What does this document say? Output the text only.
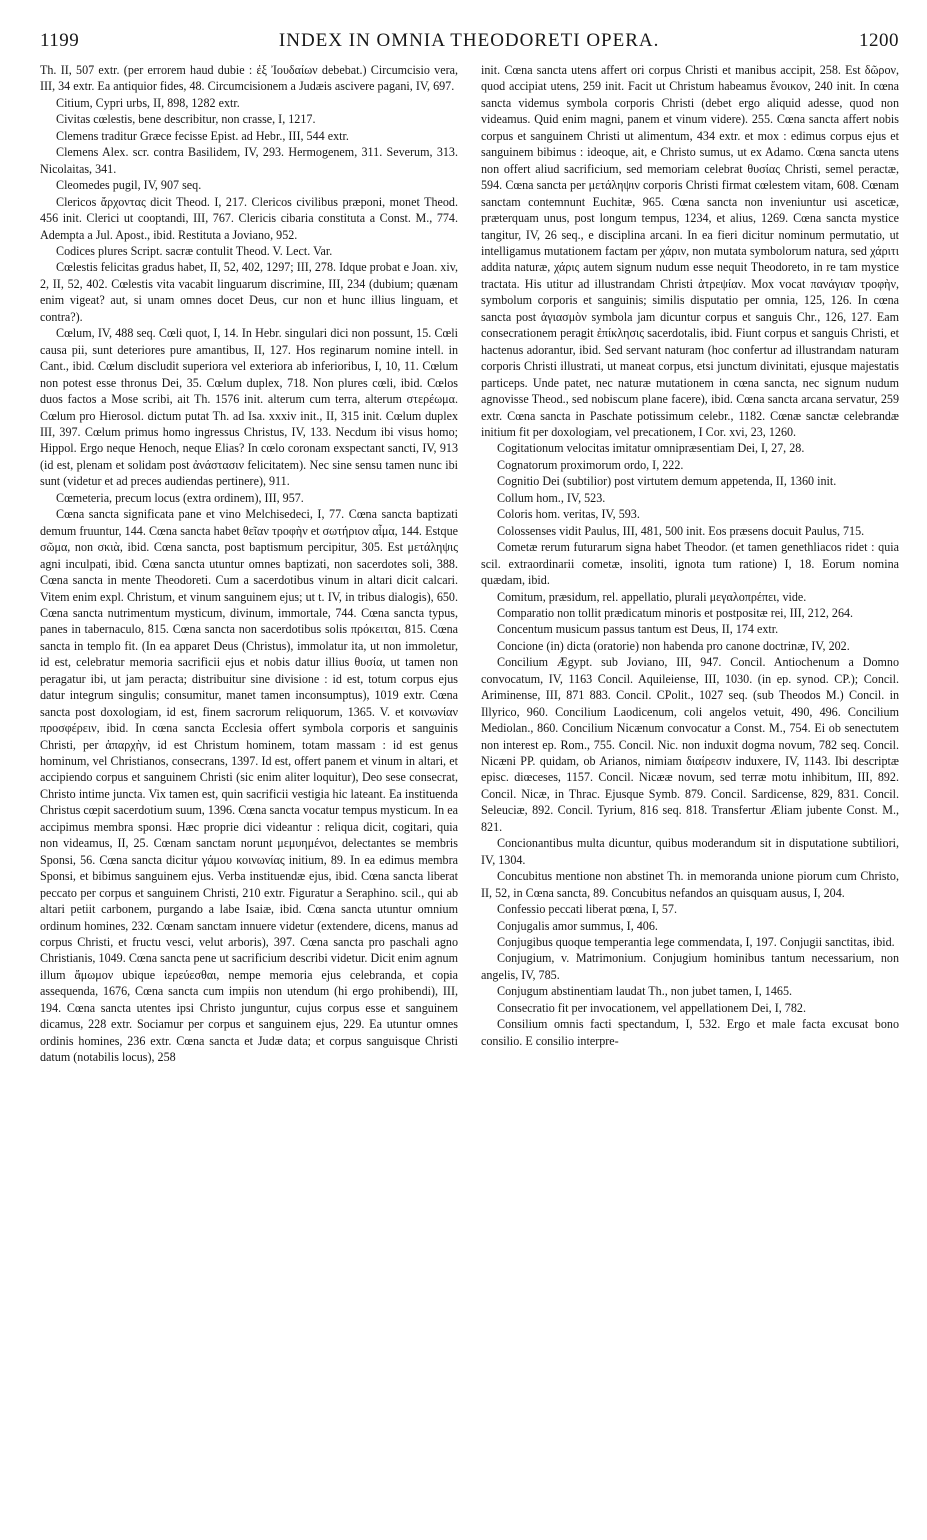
1199	INDEX IN OMNIA THEODORETI OPERA.	1200

Th. II, 507 extr. (per errorem haud dubie : ἐξ Ἰουδαίων debebat.) Circumcisio vera, III, 34 extr. Ea antiquior fides, 48. Circumcisionem a Judæis ascivere pagani, IV, 697.

Citium, Cypri urbs, II, 898, 1282 extr.

Civitas cœlestis, bene describitur, non crasse, I, 1217.

Clemens traditur Græce fecisse Epist. ad Hebr., III, 544 extr.

Clemens Alex. scr. contra Basilidem, IV, 293. Hermogenem, 311. Severum, 313. Nicolaitas, 341.

Cleomedes pugil, IV, 907 seq.

Clericos ἄρχοντας dicit Theod. I, 217. Clericos civilibus præponi, monet Theod. 456 init. Clerici ut cooptandi, III, 767. Clericis cibaria constituta a Const. M., 774. Adempta a Jul. Apost., ibid. Restituta a Joviano, 952.

Codices plures Script. sacræ contulit Theod. V. Lect. Var.

Cœlestis felicitas gradus habet, II, 52, 402, 1297; III, 278. Idque probat e Joan. xiv, 2, II, 52, 402. Cœlestis vita vacabit linguarum discrimine, III, 234 (dubium; quænam enim vigeat? aut, si unam omnes docet Deus, cur non et hunc illius linguam, et contra?).

Cœlum, IV, 488 seq. Cœli quot, I, 14. In Hebr. singulari dici non possunt, 15. Cœli causa pii, sunt deteriores pure amantibus, II, 127. Hos reginarum nomine intell. in Cant., ibid. Cœlum discludit superiora vel exteriora ab inferioribus, I, 10, 11. Cœlum non potest esse thronus Dei, 35. Cœlum duplex, 718. Non plures cœli, ibid. Cœlos duos factos a Mose scribi, ait Th. 1576 init. alterum cum terra, alterum στερέωμα. Cœlum pro Hierosol. dictum putat Th. ad Isa. xxxiv init., II, 315 init. Cœlum duplex III, 397. Cœlum primus homo ingressus Christus, IV, 133. Necdum ibi visus homo; Hippol. Ergo neque Henoch, neque Elias? In cœlo coronam exspectant sancti, IV, 913 (id est, plenam et solidam post ἀνάστασιν felicitatem). Nec sine sensu tamen nunc ibi sunt (videtur et ad preces audiendas pertinere), 911.

Cœmeteria, precum locus (extra ordinem), III, 957.

Cœna sancta significata pane et vino Melchisedeci, I, 77. Cœna sancta baptizati demum fruuntur, 144. Cœna sancta habet θεῖαν τροφὴν et σωτήριον αἷμα, 144. Estque σῶμα, non σκιὰ, ibid. Cœna sancta, post baptismum percipitur, 305. Est μετάληψις agni inculpati, ibid. Cœna sancta utuntur omnes baptizati, non sacerdotes soli, 388. Cœna sancta in mente Theodoreti. Cum a sacerdotibus vinum in altari dicit calcari. Vitem enim expl. Christum, et vinum sanguinem ejus; ut t. IV, in tribus dialogis), 650. Cœna sancta nutrimentum mysticum, divinum, immortale, 744. Cœna sancta typus, panes in tabernaculo, 815. Cœna sancta non sacerdotibus solis πρόκειται, 815. Cœna sancta in templo fit. (In ea apparet Deus (Christus), immolatur ita, ut non immoletur, id est, celebratur memoria sacrificii ejus et nobis datur illius θυσία, ut tamen non peragatur ibi, ut jam peracta; distribuitur sine divisione : id est, totum corpus ejus datur integrum singulis; consumitur, manet tamen inconsumptus), 1019 extr. Cœna sancta post doxologiam, id est, finem sacrorum reliquorum, 1365. V. et κοινωνίαν προσφέρειν, ibid. In cœna sancta Ecclesia offert symbola corporis et sanguinis Christi, per ἀπαρχὴν, id est Christum hominem, totam massam : id est genus hominum, vel Christianos, consecrans, 1397. Id est, offert panem et vinum in altari, et accipiendo corpus et sanguinem Christi (sic enim aliter loquitur), Deo sese consecrat, Christo intime juncta. Vix tamen est, quin sacrificii vestigia hic lateant. Ea instituenda Christus cœpit sacerdotium suum, 1396. Cœna sancta vocatur tempus mysticum. In ea accipimus membra sponsi. Hæc proprie dici videantur : reliqua dicit, cogitari, quia non videamus, II, 25. Cœnam sanctam norunt μεμυημένοι, delectantes se membris Sponsi, 56. Cœna sancta dicitur γάμου κοινωνίας initium, 89. In ea edimus membra Sponsi, et bibimus sanguinem ejus. Verba instituendæ ejus, ibid. Cœna sancta liberat peccato per corpus et sanguinem Christi, 210 extr. Figuratur a Seraphino. scil., qui ab altari petiit carbonem, purgando a labe Isaiæ, ibid. Cœna sancta utuntur omnium ordinum homines, 232. Cœnam sanctam innuere videtur (extendere, dicens, manus ad corpus Christi, et fructu vesci, velut arboris), 397. Cœna sancta pro paschali agno Christianis, 1049. Cœna sancta pene ut sacrificium describi videtur. Dicit enim agnum illum ἄμωμον ubique ἱερεύεσθαι, nempe memoria ejus celebranda, et copia assequenda, 1676, Cœna sancta cum impiis non utendum (hi ergo prohibendi), III, 194. Cœna sancta utentes ipsi Christo junguntur, cujus corpus esse et sanguinem dicamus, 228 extr. Sociamur per corpus et sanguinem ejus, 229. Ea utuntur omnes ordinis homines, 236 extr. Cœna sancta et Judæ data; et corpus sanguisque Christi datum (notabilis locus), 258

init. Cœna sancta utens affert ori corpus Christi et manibus accipit, 258. Est δῶρον, quod accipiat utens, 259 init. Facit ut Christum habeamus ἔνοικον, 240 init. In cœna sancta videmus symbola corporis Christi (debet ergo aliquid adesse, quod non videamus. Quid enim magni, panem et vinum videre). 255. Cœna sancta affert nobis corpus et sanguinem Christi ut alimentum, 434 extr. et mox : edimus corpus ejus et sanguinem bibimus : ideoque, ait, e Christo sumus, ut ex Adamo. Cœna sancta utens non offert aliud sacrificium, sed memoriam celebrat θυσίας Christi, semel peractæ, 594. Cœna sancta per μετάληψιν corporis Christi firmat cœlestem vitam, 608. Cœnam sanctam contemnunt Euchitæ, 965. Cœna sancta non inveniuntur usi asceticæ, præterquam unus, post longum tempus, 1234, et alius, 1269. Cœna sancta mystice tangitur, IV, 26 seq., e disciplina arcani. In ea fieri dicitur nominum permutatio, ut intelligamus mutationem factam per χάριν, non mutata symbolorum natura, sed χάριτι addita naturæ, χάρις autem signum nudum esse nequit Theodoreto, in re tam mystice tractata. His utitur ad illustrandam Christi ἀτρεψίαν. Mox vocat πανάγιαν τροφὴν, symbolum corporis et sanguinis; similis disputatio per omnia, 125, 126. In cœna sancta post ἁγιασμὸν symbola jam dicuntur corpus et sanguis Chr., 126, 127. Eam consecrationem peragit ἐπίκλησις sacerdotalis, ibid. Fiunt corpus et sanguis Christi, et hactenus adorantur, ibid. Sed servant naturam (hoc confertur ad illustrandam naturam corporis Christi illustrati, ut maneat corpus, etsi junctum divinitati, ejusque majestatis particeps. Unde patet, nec naturæ mutationem in cœna sancta, nec signum nudum agnovisse Theod., sed nobiscum plane facere), ibid. Cœna sancta arcana servatur, 259 extr. Cœna sancta in Paschate potissimum celebr., 1182. Cœnæ sanctæ celebrandæ initium fit per doxologiam, vel precationem, I Cor. xvi, 23, 1260.

Cogitationum velocitas imitatur omnipræsentiam Dei, I, 27, 28.

Cognatorum proximorum ordo, I, 222.

Cognitio Dei (subtilior) post virtutem demum appetenda, II, 1360 init.

Collum hom., IV, 523.

Coloris hom. veritas, IV, 593.

Colossenses vidit Paulus, III, 481, 500 init. Eos præsens docuit Paulus, 715.

Cometæ rerum futurarum signa habet Theodor. (et tamen genethliacos ridet : quia scil. extraordinarii cometæ, insoliti, ignota tum ratione) I, 18. Eorum nomina quædam, ibid.

Comitum, præsidum, rel. appellatio, plurali μεγαλοπρέπει, vide.

Comparatio non tollit prædicatum minoris et postpositæ rei, III, 212, 264.

Concentum musicum passus tantum est Deus, II, 174 extr.

Concione (in) dicta (oratorie) non habenda pro canone doctrinæ, IV, 202.

Concilium Ægypt. sub Joviano, III, 947. Concil. Antiochenum a Domno convocatum, IV, 1163 Concil. Aquileiense, III, 1030. (in ep. synod. CP.); Concil. Ariminense, III, 871 883. Concil. CPolit., 1027 seq. (sub Theodos M.) Concil. in Illyrico, 960. Concilium Laodicenum, coli angelos vetuit, 490, 496. Concilium Mediolan., 860. Concilium Nicænum convocatur a Const. M., 754. Ei ob senectutem non interest ep. Rom., 755. Concil. Nic. non induxit dogma novum, 782 seq. Concil. Nicæni PP. quidam, ob Arianos, nimiam διαίρεσιν induxere, IV, 1143. Ibi descriptæ episc. diœceses, 1157. Concil. Nicææ novum, sed terræ motu inhibitum, III, 892. Concil. Nicæ, in Thrac. Ejusque Symb. 879. Concil. Sardicense, 829, 831. Concil. Seleuciæ, 892. Concil. Tyrium, 816 seq. 818. Transfertur Æliam jubente Const. M., 821.

Concionantibus multa dicuntur, quibus moderandum sit in disputatione subtiliori, IV, 1304.

Concubitus mentione non abstinet Th. in memoranda unione piorum cum Christo, II, 52, in Cœna sancta, 89. Concubitus nefandos an quisquam ausus, I, 204.

Confessio peccati liberat pœna, I, 57.

Conjugalis amor summus, I, 406.

Conjugibus quoque temperantia lege commendata, I, 197. Conjugii sanctitas, ibid.

Conjugium, v. Matrimonium. Conjugium hominibus tantum necessarium, non angelis, IV, 785.

Conjugum abstinentiam laudat Th., non jubet tamen, I, 1465.

Consecratio fit per invocationem, vel appellationem Dei, I, 782.

Consilium omnis facti spectandum, I, 532. Ergo et male facta excusat bono consilio. E consilio interpre-
